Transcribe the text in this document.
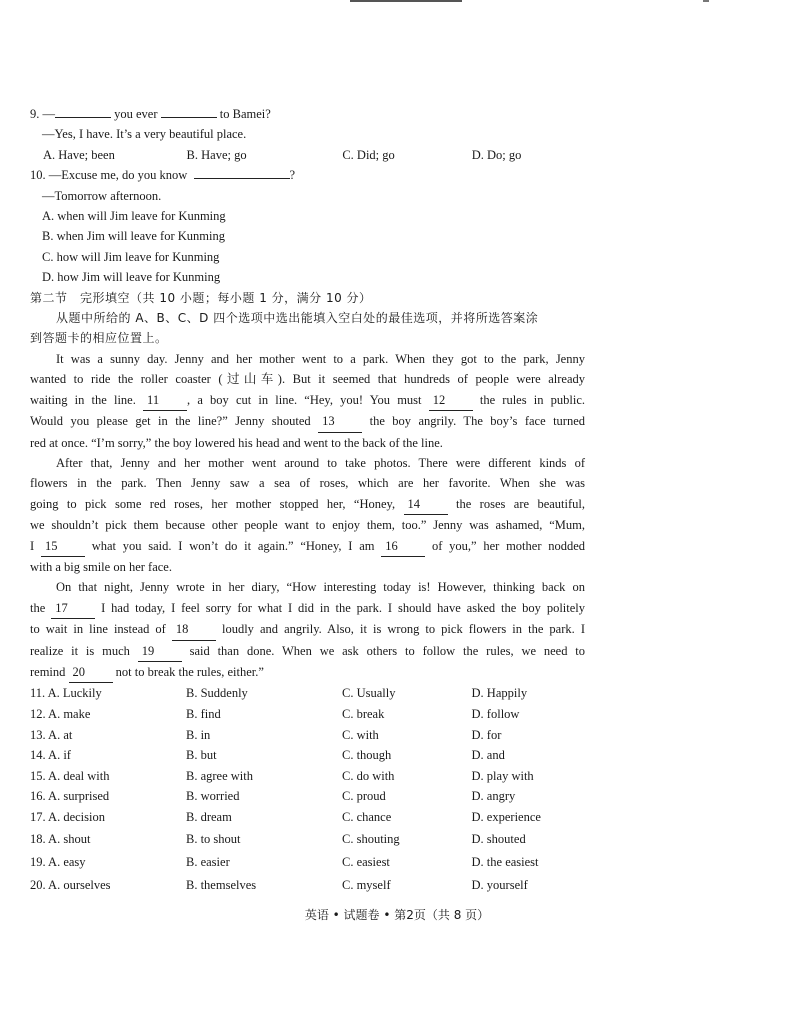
9. —	you ever	to Bamei?
—Yes, I have. It’s a very beautiful place.
A. Have; been	B. Have; go	C. Did; go	D. Do; go
10. —Excuse me, do you know	?
—Tomorrow afternoon.
A. when will Jim leave for Kunming
B. when Jim will leave for Kunming
C. how will Jim leave for Kunming
D. how Jim will leave for Kunming
第二节　完形填空（共 10 小题；每小题 1 分，满分 10 分）
从题中所给的 A、B、C、D 四个选项中选出能填入空白处的最佳选项，并将所选答案涂
到答题卡的相应位置上。
It was a sunny day. Jenny and her mother went to a park. When they got to the park, Jenny
wanted to ride the roller coaster (过山车). But it seemed that hundreds of people were already
waiting in the line. 11 , a boy cut in line. “Hey, you! You must 12	the rules in public.
Would you please get in the line?” Jenny shouted 13	the boy angrily. The boy’s face turned
red at once. “I’m sorry,” the boy lowered his head and went to the back of the line.
After that, Jenny and her mother went around to take photos. There were different kinds of
flowers in the park. Then Jenny saw a sea of roses, which are her favorite. When she was
going to pick some red roses, her mother stopped her, “Honey, 14	the roses are beautiful,
we shouldn’t pick them because other people want to enjoy them, too.” Jenny was ashamed, “Mum,
I 15	what you said. I won’t do it again.” “Honey, I am 16	of you,” her mother nodded
with a big smile on her face.
On that night, Jenny wrote in her diary, “How interesting today is! However, thinking back on
the 17	I had today, I feel sorry for what I did in the park. I should have asked the boy politely
to wait in line instead of 18	loudly and angrily. Also, it is wrong to pick flowers in the park. I
realize it is much 19	said than done. When we ask others to follow the rules, we need to
remind 20 not to break the rules, either.”
11. A. Luckily	B. Suddenly	C. Usually	D. Happily
12. A. make	B. find	C. break	D. follow
13. A. at	B. in	C. with	D. for
14. A. if	B. but	C. though	D. and
15. A. deal with	B. agree with	C. do with	D. play with
16. A. surprised	B. worried	C. proud	D. angry
17. A. decision	B. dream	C. chance	D. experience
18. A. shout	B. to shout	C. shouting	D. shouted
19. A. easy	B. easier	C. easiest	D. the easiest
20. A. ourselves	B. themselves	C. myself	D. yourself
英语 • 试题卷 • 第2页（共 8 页）
